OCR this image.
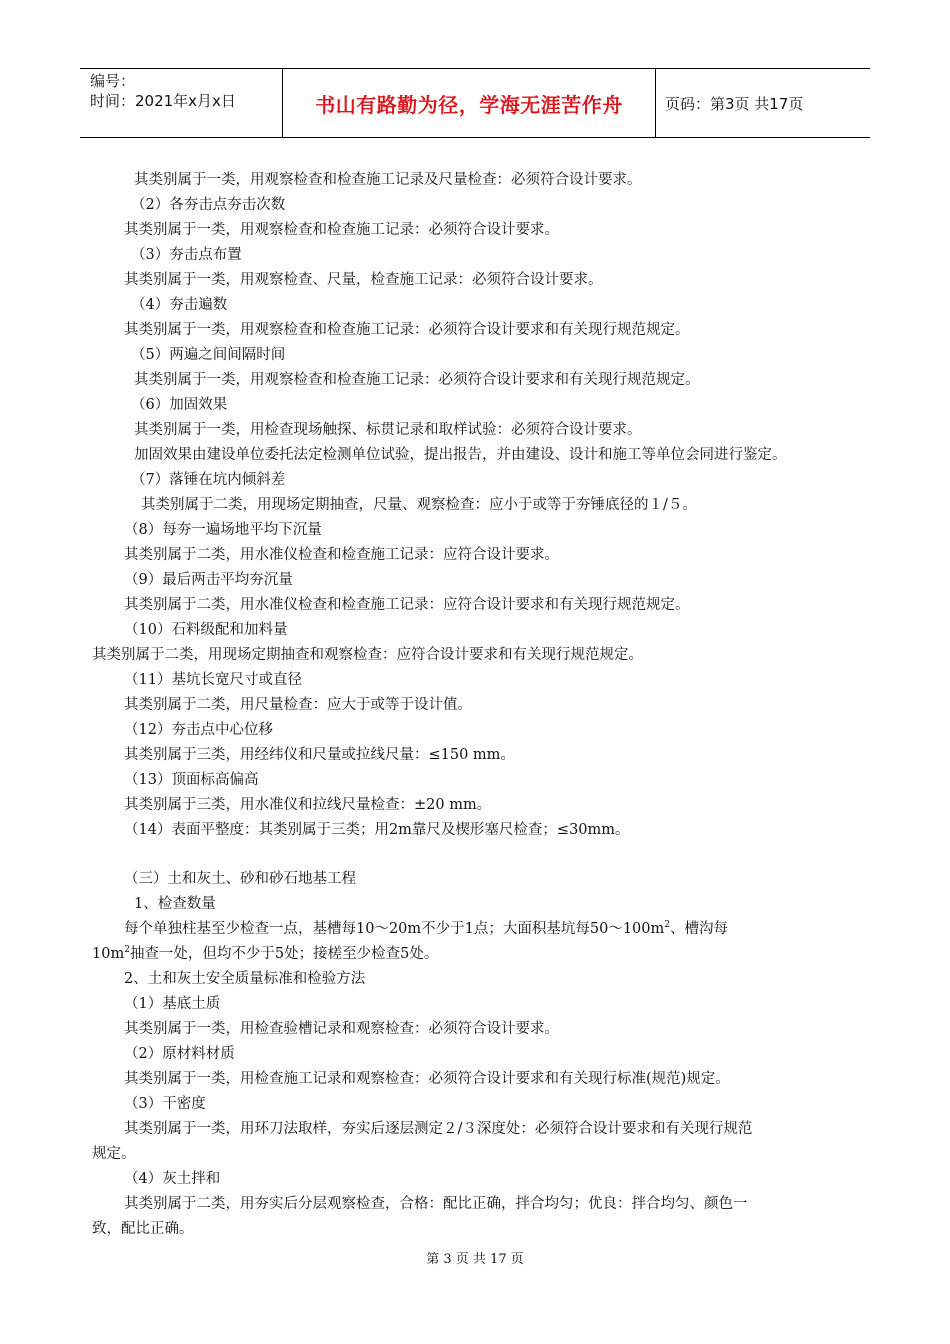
编号：
时间：2021年x月x日	书山有路勤为径，学海无涯苦作舟	页码：第3页 共17页
其类别属于一类，用观察检查和检查施工记录及尺量检查：必须符合设计要求。
（2）各夯击点夯击次数
其类别属于一类，用观察检查和检查施工记录：必须符合设计要求。
（3）夯击点布置
其类别属于一类，用观察检查、尺量，检查施工记录：必须符合设计要求。
（4）夯击遍数
其类别属于一类，用观察检查和检查施工记录：必须符合设计要求和有关现行规范规定。
（5）两遍之间间隔时间
其类别属于一类，用观察检查和检查施工记录：必须符合设计要求和有关现行规范规定。
（6）加固效果
其类别属于一类，用检查现场触探、标贯记录和取样试验：必须符合设计要求。
加固效果由建设单位委托法定检测单位试验，提出报告，并由建设、设计和施工等单位会同进行鉴定。
（7）落锤在坑内倾斜差
其类别属于二类，用现场定期抽查，尺量、观察检查：应小于或等于夯锤底径的１/５。
（8）每夯一遍场地平均下沉量
其类别属于二类，用水准仪检查和检查施工记录：应符合设计要求。
（9）最后两击平均夯沉量
其类别属于二类，用水准仪检查和检查施工记录：应符合设计要求和有关现行规范规定。
（10）石料级配和加料量
其类别属于二类，用现场定期抽查和观察检查：应符合设计要求和有关现行规范规定。
（11）基坑长宽尺寸或直径
其类别属于二类，用尺量检查：应大于或等于设计值。
（12）夯击点中心位移
其类别属于三类，用经纬仪和尺量或拉线尺量：≤150 mm。
（13）顶面标高偏高
其类别属于三类，用水准仪和拉线尺量检查：±20 mm。
（14）表面平整度：其类别属于三类；用2m靠尺及楔形塞尺检查；≤30mm。
（三）土和灰土、砂和砂石地基工程
1、检查数量
每个单独柱基至少检查一点，基槽每10～20m不少于1点；大面积基坑每$50\sim 100m^2$、槽沟每
$10m^2$抽查一处，但均不少于5处；接槎至少检查5处。
2、土和灰土安全质量标准和检验方法
（1）基底土质
其类别属于一类，用检查验槽记录和观察检查：必须符合设计要求。
（2）原材料材质
其类别属于一类，用检查施工记录和观察检查：必须符合设计要求和有关现行标准(规范)规定。
（3）干密度
其类别属于一类，用环刀法取样，夯实后逐层测定２/３深度处：必须符合设计要求和有关现行规范
规定。
（4）灰土拌和
其类别属于二类，用夯实后分层观察检查，合格：配比正确，拌合均匀；优良：拌合均匀、颜色一
致，配比正确。
第 3 页 共 17 页
